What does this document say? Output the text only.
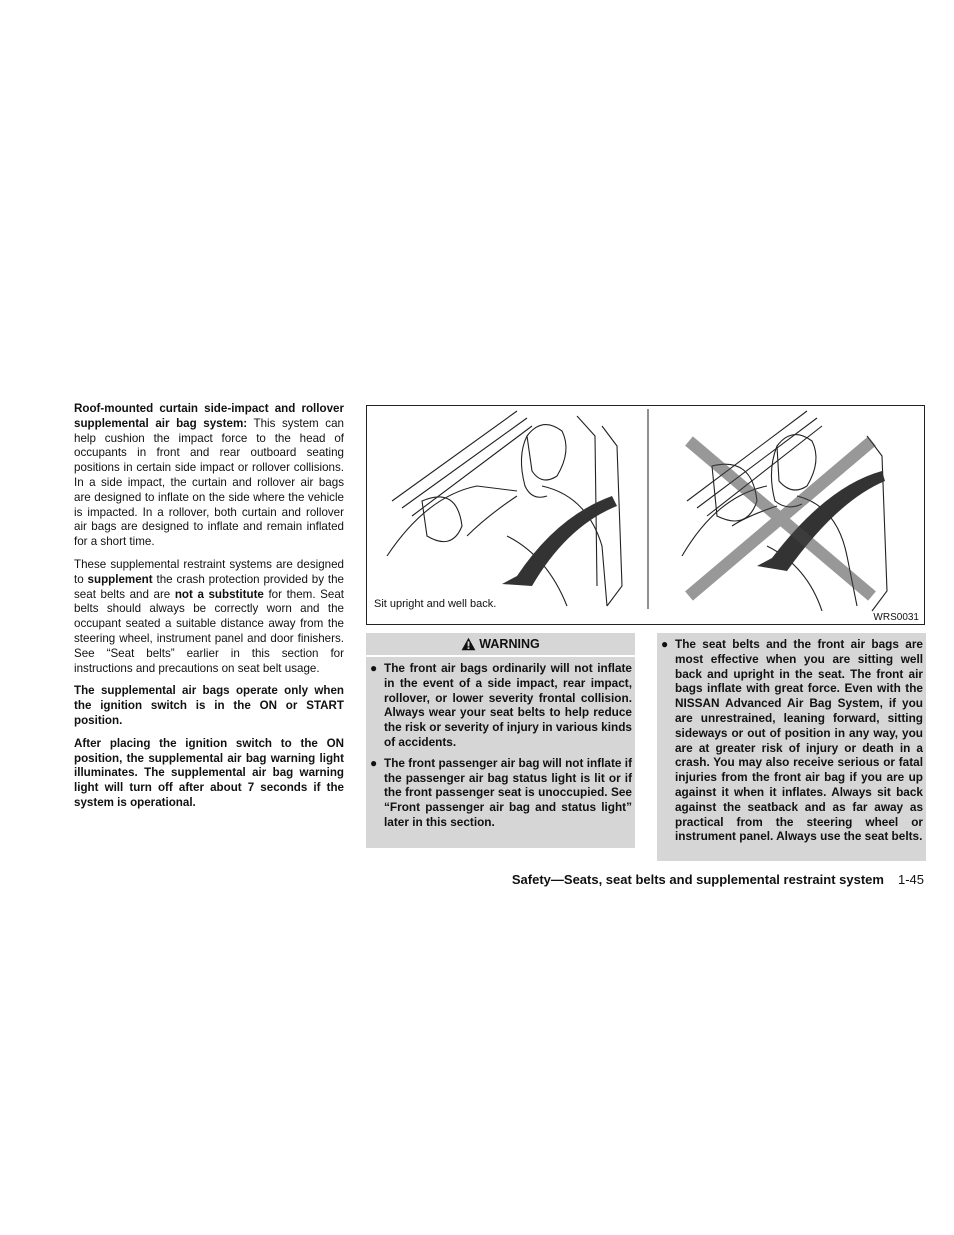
Roof-mounted curtain side-impact and rollover supplemental air bag system: This system can help cushion the impact force to the head of occupants in front and rear outboard seating positions in certain side impact or rollover collisions. In a side impact, the curtain and rollover air bags are designed to inflate on the side where the vehicle is impacted. In a rollover, both curtain and rollover air bags are designed to inflate and remain inflated for a short time.

These supplemental restraint systems are designed to supplement the crash protection provided by the seat belts and are not a substitute for them. Seat belts should always be correctly worn and the occupant seated a suitable distance away from the steering wheel, instrument panel and door finishers. See “Seat belts” earlier in this section for instructions and precautions on seat belt usage.

The supplemental air bags operate only when the ignition switch is in the ON or START position.

After placing the ignition switch to the ON position, the supplemental air bag warning light illuminates. The supplemental air bag warning light will turn off after about 7 seconds if the system is operational.

Sit upright and well back.
WRS0031
WARNING
● The front air bags ordinarily will not inflate in the event of a side impact, rear impact, rollover, or lower severity frontal collision. Always wear your seat belts to help reduce the risk or severity of injury in various kinds of accidents.
● The front passenger air bag will not inflate if the passenger air bag status light is lit or if the front passenger seat is unoccupied. See “Front passenger air bag and status light” later in this section.
● The seat belts and the front air bags are most effective when you are sitting well back and upright in the seat. The front air bags inflate with great force. Even with the NISSAN Advanced Air Bag System, if you are unrestrained, leaning forward, sitting sideways or out of position in any way, you are at greater risk of injury or death in a crash. You may also receive serious or fatal injuries from the front air bag if you are up against it when it inflates. Always sit back against the seatback and as far away as practical from the steering wheel or instrument panel. Always use the seat belts.
Safety—Seats, seat belts and supplemental restraint system 1-45
